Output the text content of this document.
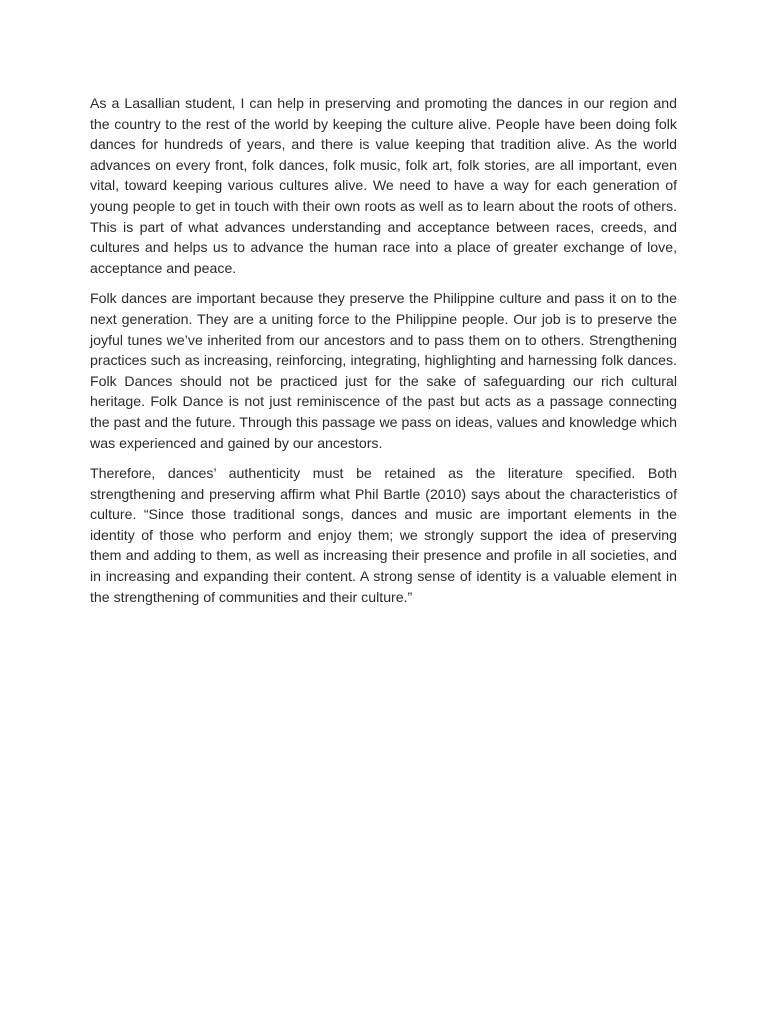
As a Lasallian student, I can help in preserving and promoting the dances in our region and the country to the rest of the world by keeping the culture alive. People have been doing folk dances for hundreds of years, and there is value keeping that tradition alive. As the world advances on every front, folk dances, folk music, folk art, folk stories, are all important, even vital, toward keeping various cultures alive. We need to have a way for each generation of young people to get in touch with their own roots as well as to learn about the roots of others. This is part of what advances understanding and acceptance between races, creeds, and cultures and helps us to advance the human race into a place of greater exchange of love, acceptance and peace.

Folk dances are important because they preserve the Philippine culture and pass it on to the next generation. They are a uniting force to the Philippine people. Our job is to preserve the joyful tunes we’ve inherited from our ancestors and to pass them on to others. Strengthening practices such as increasing, reinforcing, integrating, highlighting and harnessing folk dances. Folk Dances should not be practiced just for the sake of safeguarding our rich cultural heritage. Folk Dance is not just reminiscence of the past but acts as a passage connecting the past and the future. Through this passage we pass on ideas, values and knowledge which was experienced and gained by our ancestors.

Therefore, dances’ authenticity must be retained as the literature specified. Both strengthening and preserving affirm what Phil Bartle (2010) says about the characteristics of culture. “Since those traditional songs, dances and music are important elements in the identity of those who perform and enjoy them; we strongly support the idea of preserving them and adding to them, as well as increasing their presence and profile in all societies, and in increasing and expanding their content. A strong sense of identity is a valuable element in the strengthening of communities and their culture.”
